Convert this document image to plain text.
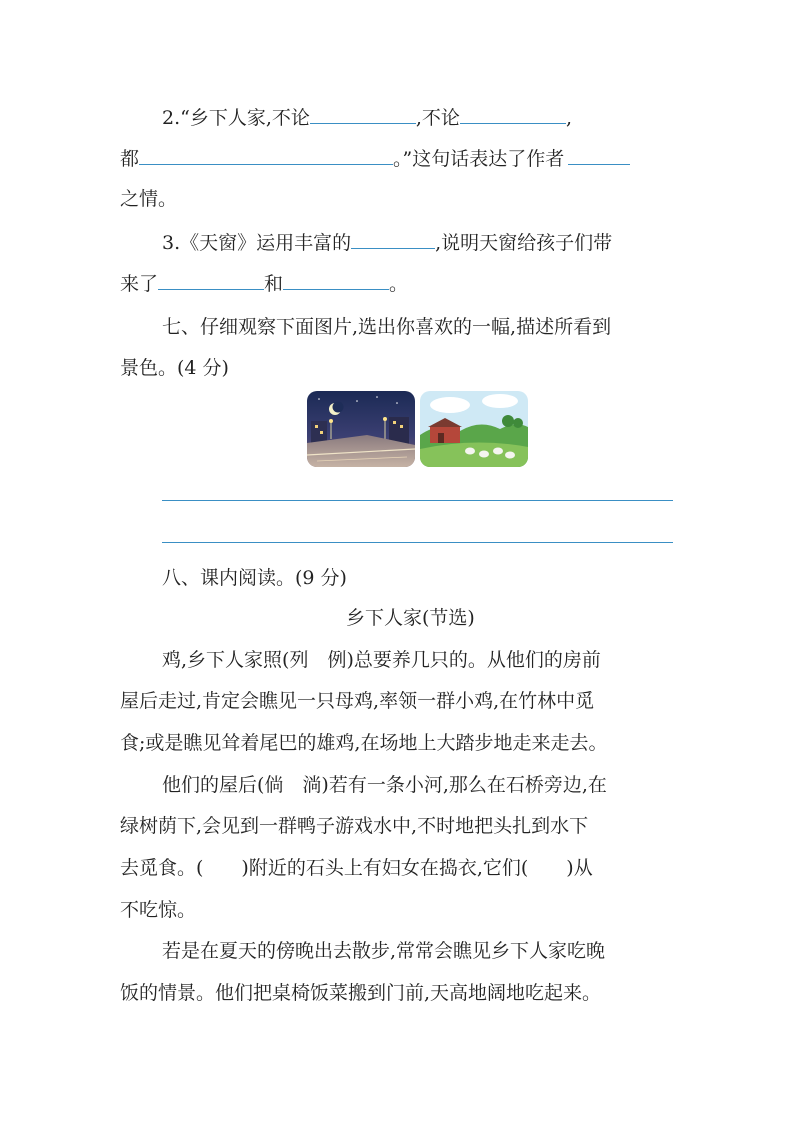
2.“乡下人家,不论	,不论	,
都	。”这句话表达了作者
之情。
3.《天窗》运用丰富的	,说明天窗给孩子们带
来了	和	。
七、仔细观察下面图片,选出你喜欢的一幅,描述所看到
景色。(4 分)
八、课内阅读。(9 分)
乡下人家(节选)
鸡,乡下人家照(列　例)总要养几只的。从他们的房前
屋后走过,肯定会瞧见一只母鸡,率领一群小鸡,在竹林中觅
食;或是瞧见耸着尾巴的雄鸡,在场地上大踏步地走来走去。
他们的屋后(倘　淌)若有一条小河,那么在石桥旁边,在
绿树荫下,会见到一群鸭子游戏水中,不时地把头扎到水下
去觅食。(　　)附近的石头上有妇女在捣衣,它们(　　)从
不吃惊。
若是在夏天的傍晚出去散步,常常会瞧见乡下人家吃晚
饭的情景。他们把桌椅饭菜搬到门前,天高地阔地吃起来。
